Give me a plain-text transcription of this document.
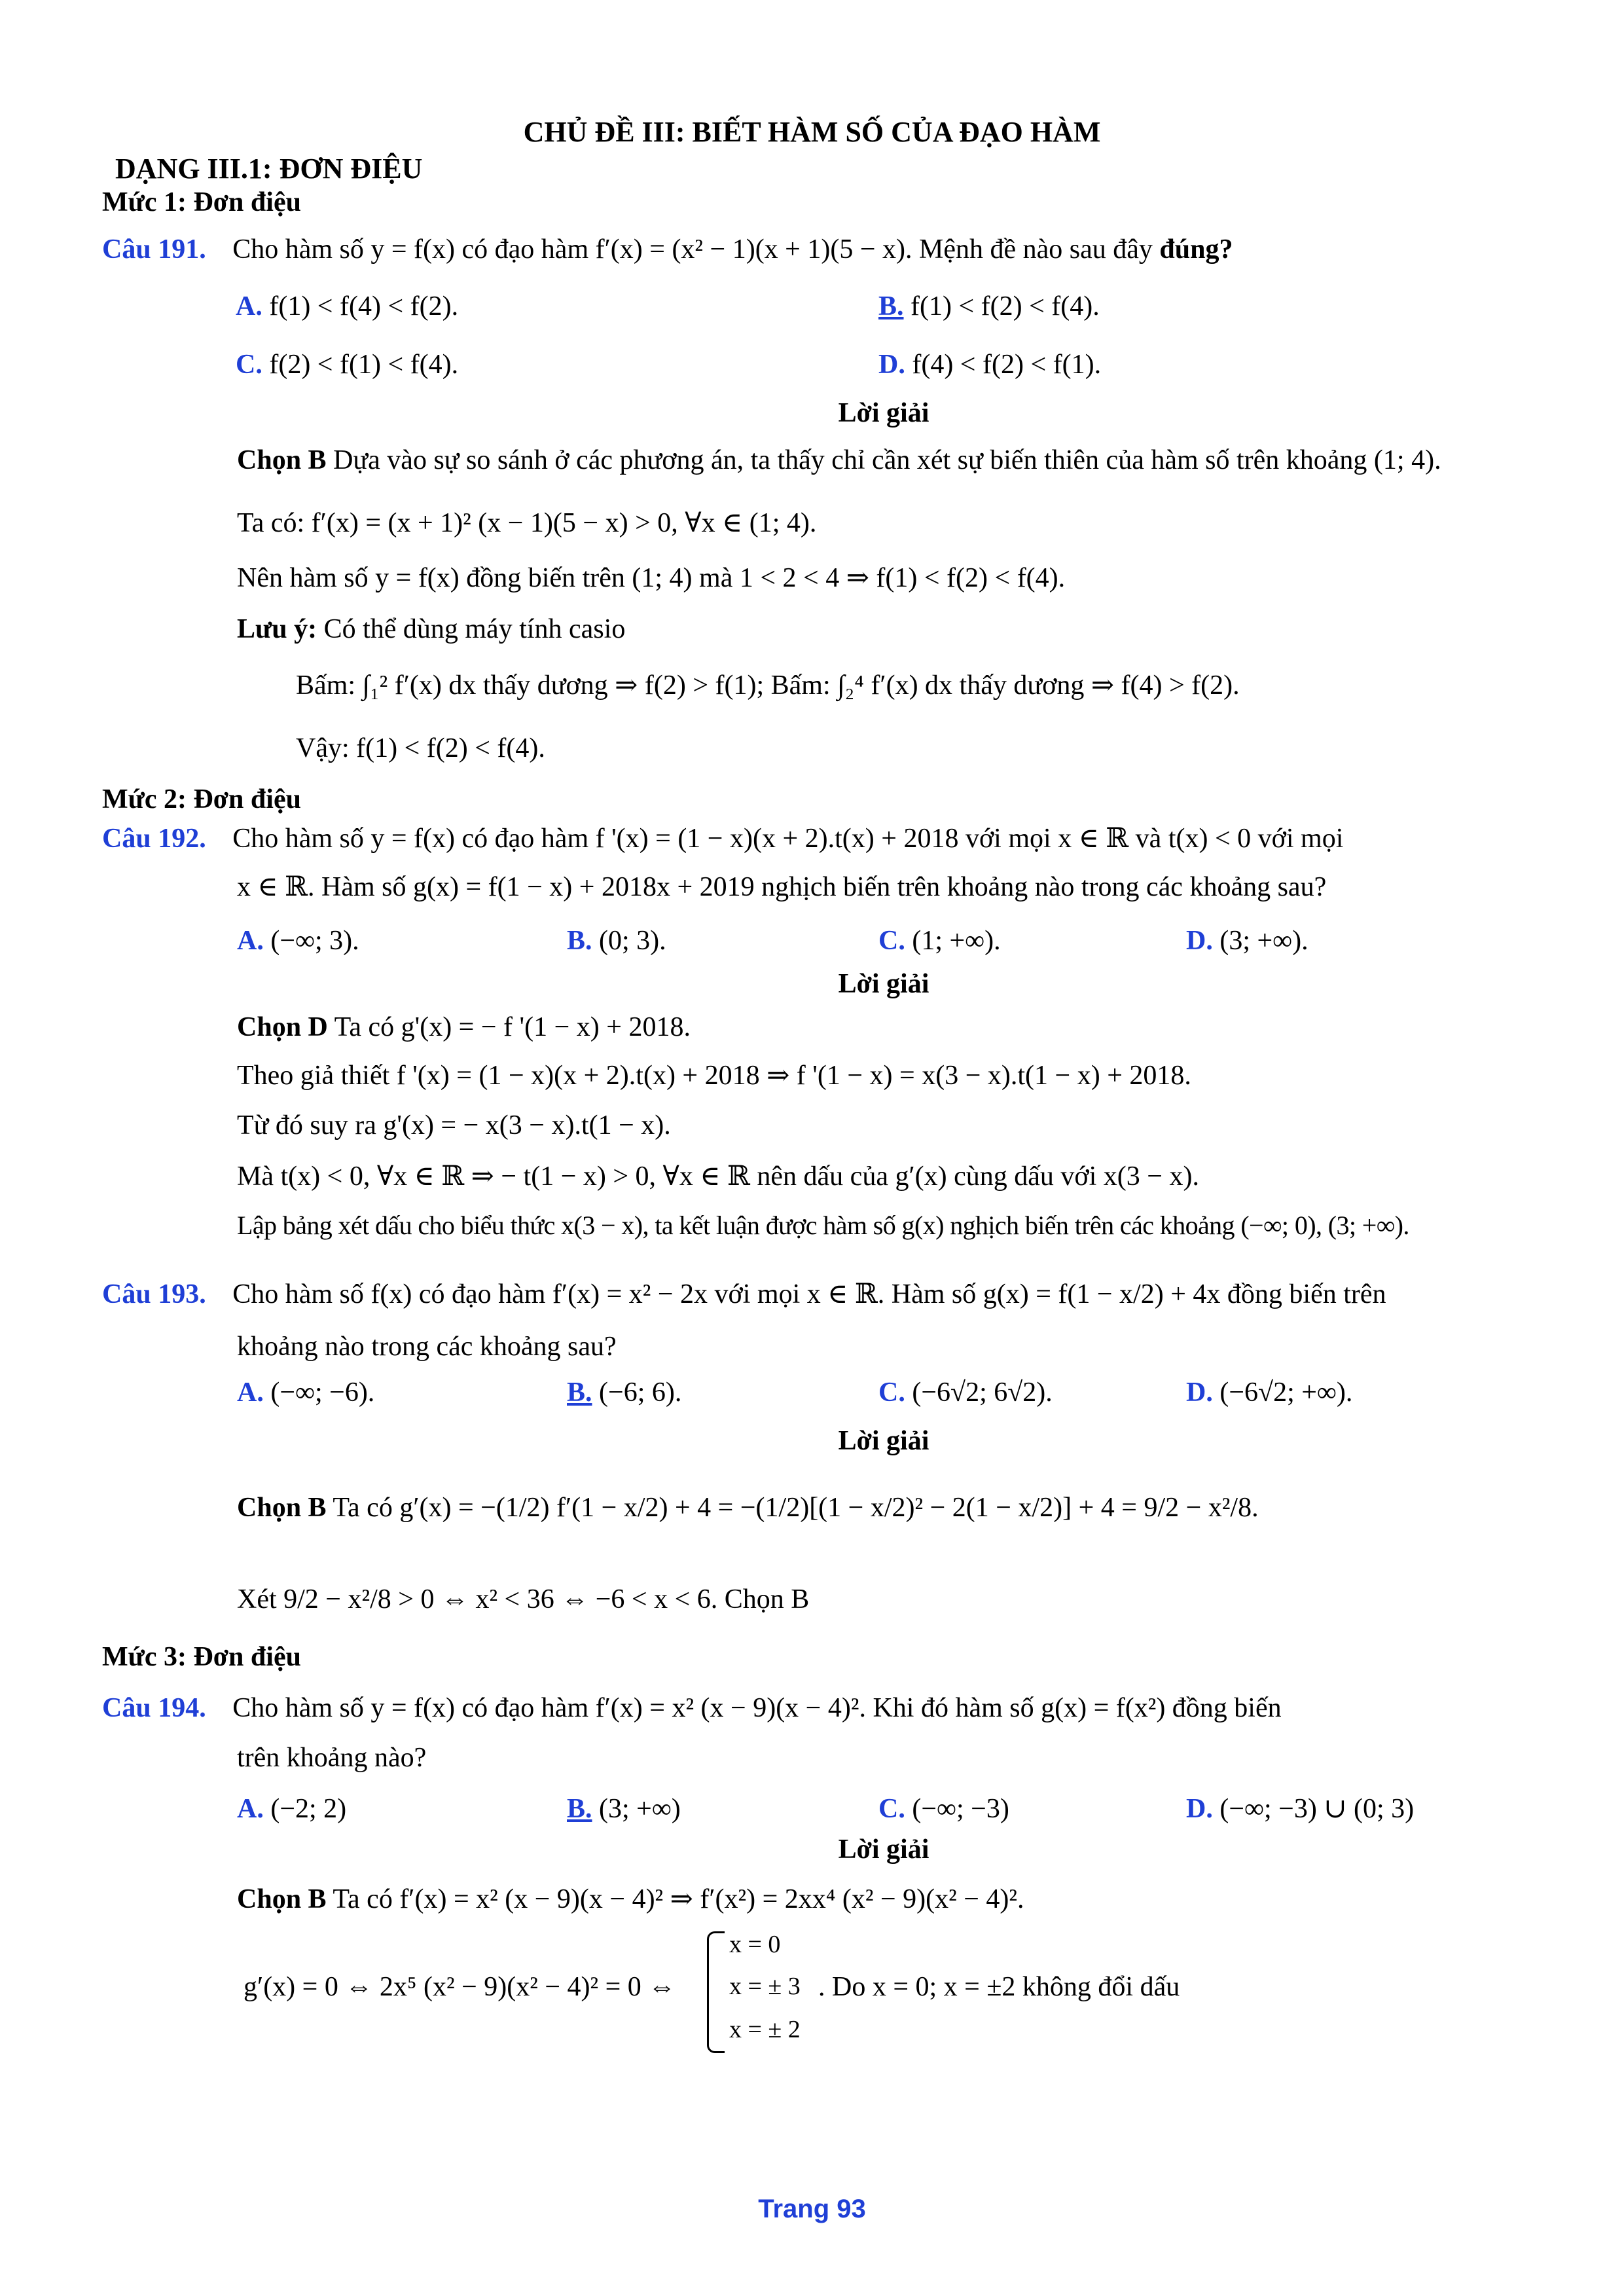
CHỦ ĐỀ III: BIẾT HÀM SỐ CỦA ĐẠO HÀM
DẠNG III.1: ĐƠN ĐIỆU
Mức 1: Đơn điệu
Câu 191. Cho hàm số y = f(x) có đạo hàm f′(x) = (x² − 1)(x + 1)(5 − x). Mệnh đề nào sau đây đúng?
A. f(1) < f(4) < f(2).	B. f(1) < f(2) < f(4).
C. f(2) < f(1) < f(4).	D. f(4) < f(2) < f(1).
Lời giải
Chọn B Dựa vào sự so sánh ở các phương án, ta thấy chỉ cần xét sự biến thiên của hàm số trên khoảng (1; 4).
Ta có: f′(x) = (x + 1)² (x − 1)(5 − x) > 0, ∀x ∈ (1; 4).
Nên hàm số y = f(x) đồng biến trên (1; 4) mà 1 < 2 < 4 ⇒ f(1) < f(2) < f(4).
Lưu ý: Có thể dùng máy tính casio
Bấm: ∫₁² f′(x) dx thấy dương ⇒ f(2) > f(1); Bấm: ∫₂⁴ f′(x) dx thấy dương ⇒ f(4) > f(2).
Vậy: f(1) < f(2) < f(4).
Mức 2: Đơn điệu
Câu 192. Cho hàm số y = f(x) có đạo hàm f '(x) = (1 − x)(x + 2).t(x) + 2018 với mọi x ∈ ℝ và t(x) < 0 với mọi
x ∈ ℝ. Hàm số g(x) = f(1 − x) + 2018x + 2019 nghịch biến trên khoảng nào trong các khoảng sau?
A. (−∞; 3).	B. (0; 3).	C. (1; +∞).	D. (3; +∞).
Lời giải
Chọn D Ta có g'(x) = − f '(1 − x) + 2018.
Theo giả thiết f '(x) = (1 − x)(x + 2).t(x) + 2018 ⇒ f '(1 − x) = x(3 − x).t(1 − x) + 2018.
Từ đó suy ra g'(x) = − x(3 − x).t(1 − x).
Mà t(x) < 0, ∀x ∈ ℝ ⇒ − t(1 − x) > 0, ∀x ∈ ℝ nên dấu của g′(x) cùng dấu với x(3 − x).
Lập bảng xét dấu cho biểu thức x(3 − x), ta kết luận được hàm số g(x) nghịch biến trên các khoảng (−∞; 0), (3; +∞).
Câu 193. Cho hàm số f(x) có đạo hàm f′(x) = x² − 2x với mọi x ∈ ℝ. Hàm số g(x) = f(1 − x/2) + 4x đồng biến trên
khoảng nào trong các khoảng sau?
A. (−∞; −6).	B. (−6; 6).	C. (−6√2; 6√2).	D. (−6√2; +∞).
Lời giải
Chọn B Ta có g′(x) = −(1/2) f′(1 − x/2) + 4 = −(1/2)[(1 − x/2)² − 2(1 − x/2)] + 4 = 9/2 − x²/8.
Xét 9/2 − x²/8 > 0 ⇔ x² < 36 ⇔ −6 < x < 6. Chọn B
Mức 3: Đơn điệu
Câu 194. Cho hàm số y = f(x) có đạo hàm f′(x) = x² (x − 9)(x − 4)². Khi đó hàm số g(x) = f(x²) đồng biến
trên khoảng nào?
A. (−2; 2)	B. (3; +∞)	C. (−∞; −3)	D. (−∞; −3) ∪ (0; 3)
Lời giải
Chọn B Ta có f′(x) = x² (x − 9)(x − 4)² ⇒ f′(x²) = 2xx⁴ (x² − 9)(x² − 4)².
g′(x) = 0 ⇔ 2x⁵ (x² − 9)(x² − 4)² = 0 ⇔
x = 0
x = ± 3
x = ± 2
. Do x = 0; x = ±2 không đổi dấu
Trang 93
